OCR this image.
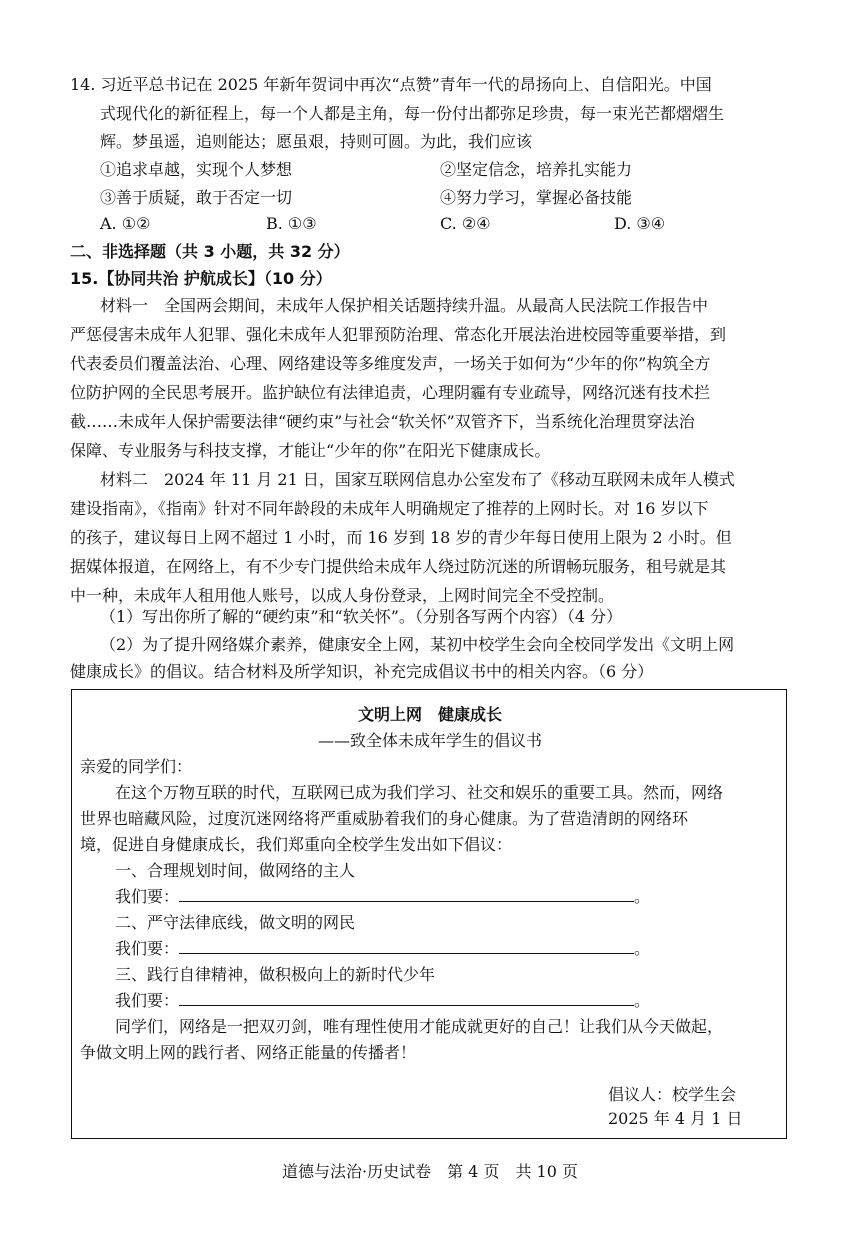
14. 习近平总书记在 2025 年新年贺词中再次“点赞”青年一代的昂扬向上、自信阳光。中国
式现代化的新征程上，每一个人都是主角，每一份付出都弥足珍贵，每一束光芒都熠熠生
辉。梦虽遥，追则能达；愿虽艰，持则可圆。为此，我们应该
①追求卓越，实现个人梦想	②坚定信念，培养扎实能力
③善于质疑，敢于否定一切	④努力学习，掌握必备技能
A. ①②	B. ①③	C. ②④	D. ③④
二、非选择题（共 3 小题，共 32 分）
15.【协同共治 护航成长】（10 分）
材料一　全国两会期间，未成年人保护相关话题持续升温。从最高人民法院工作报告中
严惩侵害未成年人犯罪、强化未成年人犯罪预防治理、常态化开展法治进校园等重要举措，到
代表委员们覆盖法治、心理、网络建设等多维度发声，一场关于如何为“少年的你”构筑全方
位防护网的全民思考展开。监护缺位有法律追责，心理阴霾有专业疏导，网络沉迷有技术拦
截……未成年人保护需要法律“硬约束”与社会“软关怀”双管齐下，当系统化治理贯穿法治
保障、专业服务与科技支撑，才能让“少年的你”在阳光下健康成长。
材料二　2024 年 11 月 21 日，国家互联网信息办公室发布了《移动互联网未成年人模式
建设指南》，《指南》针对不同年龄段的未成年人明确规定了推荐的上网时长。对 16 岁以下
的孩子，建议每日上网不超过 1 小时，而 16 岁到 18 岁的青少年每日使用上限为 2 小时。但
据媒体报道，在网络上，有不少专门提供给未成年人绕过防沉迷的所谓畅玩服务，租号就是其
中一种，未成年人租用他人账号，以成人身份登录，上网时间完全不受控制。
（1）写出你所了解的“硬约束”和“软关怀”。（分别各写两个内容）（4 分）
（2）为了提升网络媒介素养，健康安全上网，某初中校学生会向全校同学发出《文明上网
健康成长》的倡议。结合材料及所学知识，补充完成倡议书中的相关内容。（6 分）
文明上网　健康成长
——致全体未成年学生的倡议书
亲爱的同学们：
在这个万物互联的时代，互联网已成为我们学习、社交和娱乐的重要工具。然而，网络
世界也暗藏风险，过度沉迷网络将严重威胁着我们的身心健康。为了营造清朗的网络环
境，促进自身健康成长，我们郑重向全校学生发出如下倡议：
一、合理规划时间，做网络的主人
我们要：	。
二、严守法律底线，做文明的网民
我们要：	。
三、践行自律精神，做积极向上的新时代少年
我们要：	。
同学们，网络是一把双刃剑，唯有理性使用才能成就更好的自己！让我们从今天做起，
争做文明上网的践行者、网络正能量的传播者！
倡议人：校学生会
2025 年 4 月 1 日
道德与法治·历史试卷　第 4 页　共 10 页
